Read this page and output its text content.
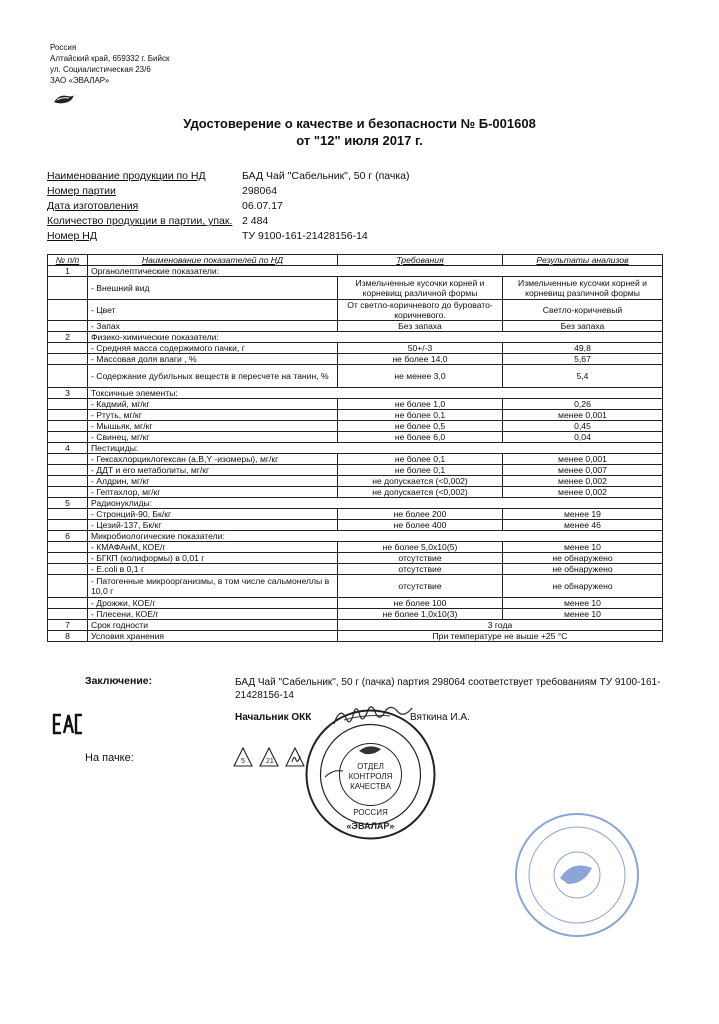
Россия
Алтайский край, 659332 г. Бийск
ул. Социалистическая 23/6
ЗАО «ЭВАЛАР»
Удостоверение о качестве и безопасности № Б-001608
от "12" июля 2017 г.
Наименование продукции по НД	БАД Чай "Сабельник", 50 г (пачка)
Номер партии	298064
Дата изготовления	06.07.17
Количество продукции в партии, упак. 2 484
Номер НД	ТУ 9100-161-21428156-14
№ п/п	Наименование показателей по НД	Требования	Результаты анализов
1	Органолептические показатели:		
	- Внешний вид	Измельченные кусочки корней и корневищ различной формы	Измельченные кусочки корней и корневищ различной формы
	- Цвет	От светло-коричневого до буровато-коричневого.	Светло-коричневый
	- Запах	Без запаха	Без запаха
2	Физико-химические показатели:		
	- Средняя масса содержимого пачки, г	50+/-3	49,8
	- Массовая доля влаги , %	не более 14,0	5,67
	- Содержание дубильных веществ в пересчете на танин, %	не менее 3,0	5,4
3	Токсичные элементы:		
	- Кадмий, мг/кг	не более 1,0	0,26
	- Ртуть, мг/кг	не более 0,1	менее 0,001
	- Мышьяк, мг/кг	не более 0,5	0,45
	- Свинец, мг/кг	не более 6,0	0,04
4	Пестициды:		
	- Гексахлорциклогексан (a,B,Y -изомеры), мг/кг	не более 0,1	менее 0,001
	- ДДТ и его метаболиты, мг/кг	не более 0,1	менее 0,007
	- Алдрин, мг/кг	не допускается (<0,002)	менее 0,002
	- Гептахлор, мг/кг	не допускается (<0,002)	менее 0,002
5	Радионуклиды:		
	- Стронций-90, Бк/кг	не более 200	менее 19
	- Цезий-137, Бк/кг	не более 400	менее 46
6	Микробиологические показатели:		
	- КМАФАнМ, КОЕ/г	не более 5,0x10(5)	менее 10
	- БГКП (колиформы) в 0,01 г	отсутствие	не обнаружено
	- E.coli в 0,1 г	отсутствие	не обнаружено
	- Патогенные микроорганизмы, в том числе сальмонеллы в 10,0 г	отсутствие	не обнаружено
	- Дрожжи, КОЕ/г	не более 100	менее 10
	- Плесени, КОЕ/г	не более 1,0x10(3)	менее 10
7	Срок годности	3 года	
8	Условия хранения	При температуре не выше +25 °С	
Заключение:	БАД Чай "Сабельник", 50 г (пачка) партия 298064 соответствует требованиям ТУ 9100-161-21428156-14
Начальник ОКК	Вяткина И.А.
На пачке:	5	21
ОТДЕЛ
КОНТРОЛЯ
КАЧЕСТВА
РОССИЯ
«ЭВАЛАР»
